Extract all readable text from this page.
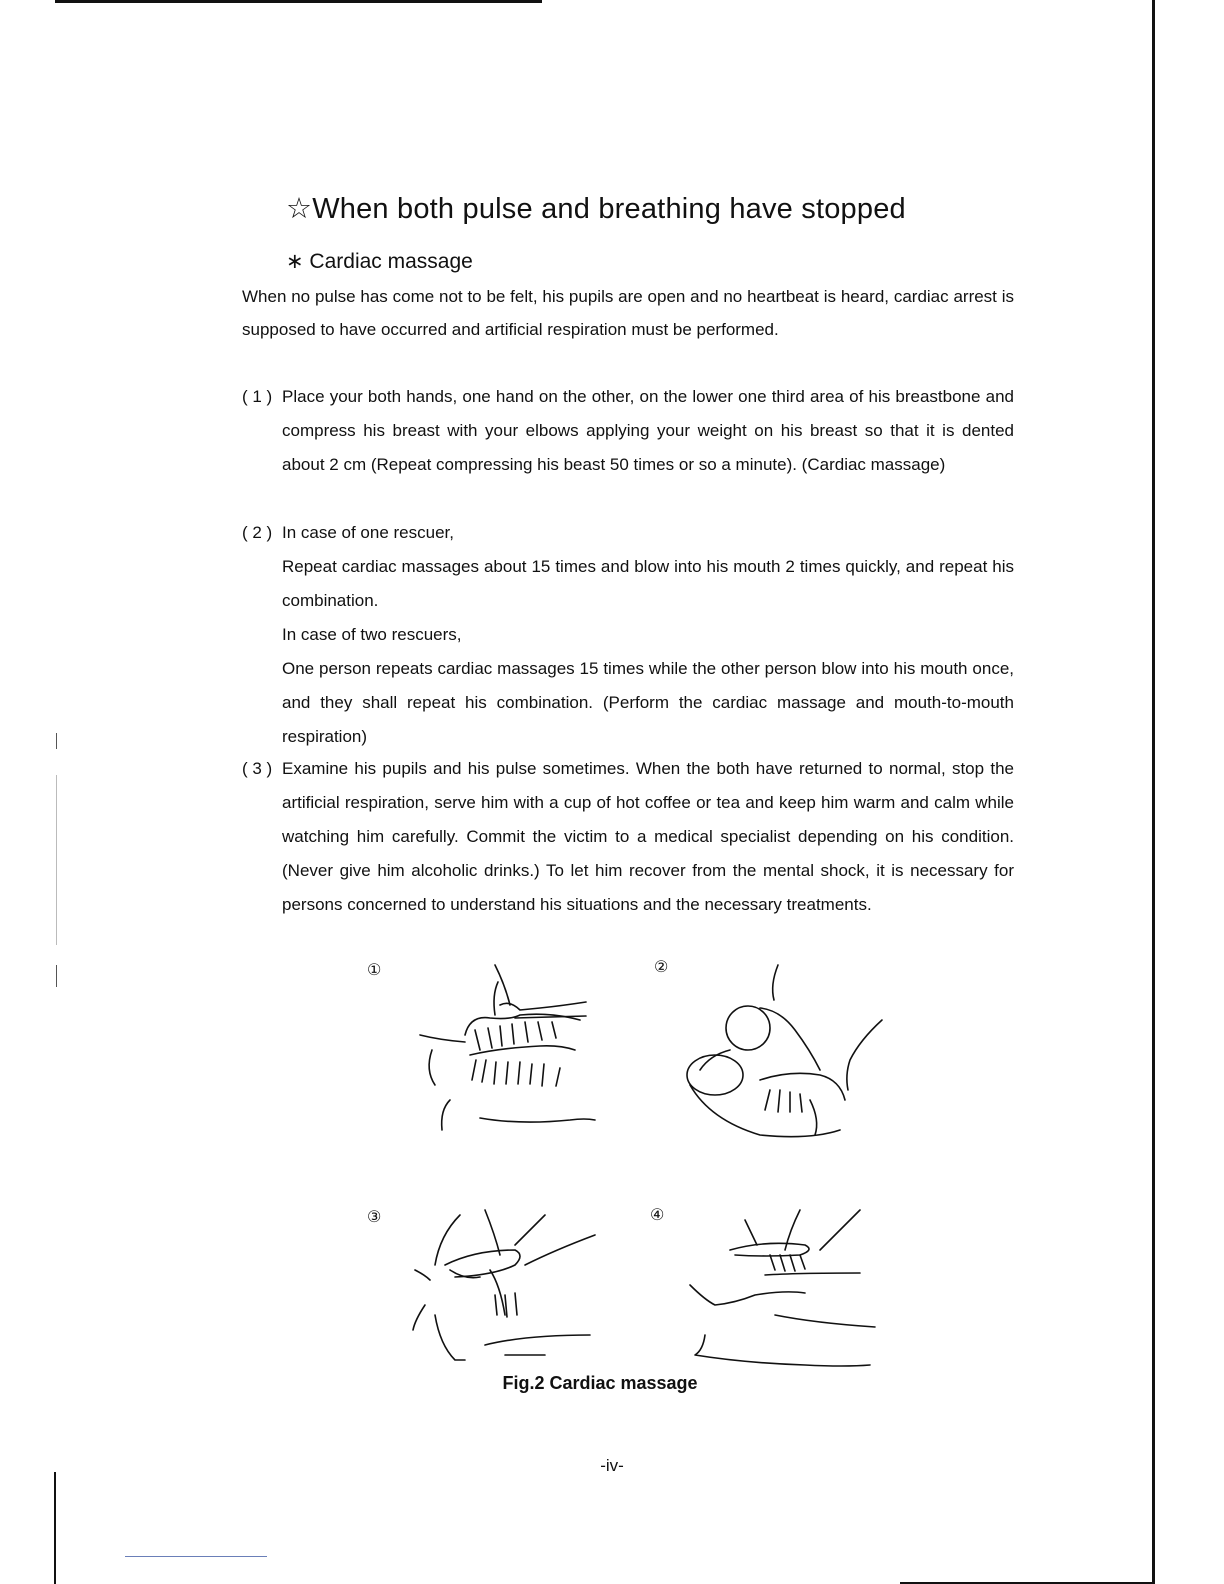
☆When both pulse and breathing have stopped
∗ Cardiac massage
When no pulse has come not to be felt, his pupils are open and no heartbeat is heard, cardiac arrest is supposed to have occurred and artificial respiration must be performed.
( 1 ) Place your both hands, one hand on the other, on the lower one third area of his breastbone and compress his breast with your elbows applying your weight on his breast so that it is dented about 2 cm (Repeat compressing his beast 50 times or so a minute). (Cardiac massage)
( 2 ) In case of one rescuer,
Repeat cardiac massages about 15 times and blow into his mouth 2 times quickly, and repeat his combination.
In case of two rescuers,
One person repeats cardiac massages 15 times while the other person blow into his mouth once, and they shall repeat his combination. (Perform the cardiac massage and mouth-to-mouth respiration)
( 3 ) Examine his pupils and his pulse sometimes. When the both have returned to normal, stop the artificial respiration, serve him with a cup of hot coffee or tea and keep him warm and calm while watching him carefully. Commit the victim to a medical specialist depending on his condition. (Never give him alcoholic drinks.) To let him recover from the mental shock, it is necessary for persons concerned to understand his situations and the necessary treatments.
①	②
③	④
Fig.2 Cardiac massage
-iv-
